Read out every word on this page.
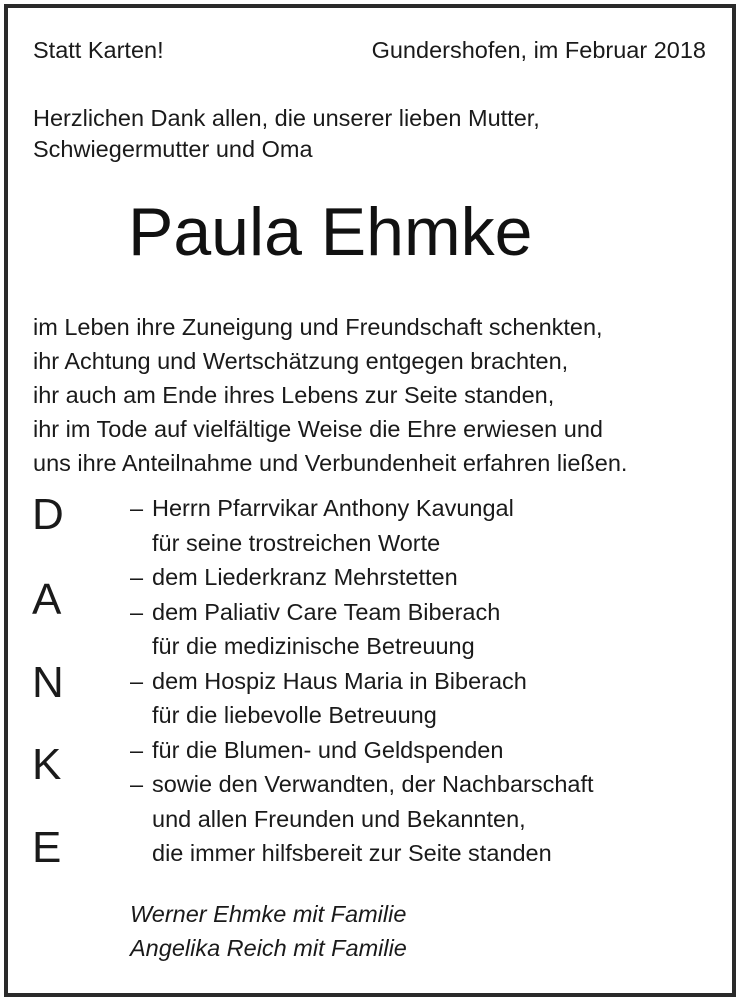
Statt Karten!	Gundershofen, im Februar 2018
Herzlichen Dank allen, die unserer lieben Mutter,
Schwiegermutter und Oma
Paula Ehmke
im Leben ihre Zuneigung und Freundschaft schenkten,
ihr Achtung und Wertschätzung entgegen brachten,
ihr auch am Ende ihres Lebens zur Seite standen,
ihr im Tode auf vielfältige Weise die Ehre erwiesen und
uns ihre Anteilnahme und Verbundenheit erfahren ließen.
D
A
N
K
E
– Herrn Pfarrvikar Anthony Kavungal
für seine trostreichen Worte
– dem Liederkranz Mehrstetten
– dem Paliativ Care Team Biberach
für die medizinische Betreuung
– dem Hospiz Haus Maria in Biberach
für die liebevolle Betreuung
– für die Blumen- und Geldspenden
– sowie den Verwandten, der Nachbarschaft
und allen Freunden und Bekannten,
die immer hilfsbereit zur Seite standen
Werner Ehmke mit Familie
Angelika Reich mit Familie
